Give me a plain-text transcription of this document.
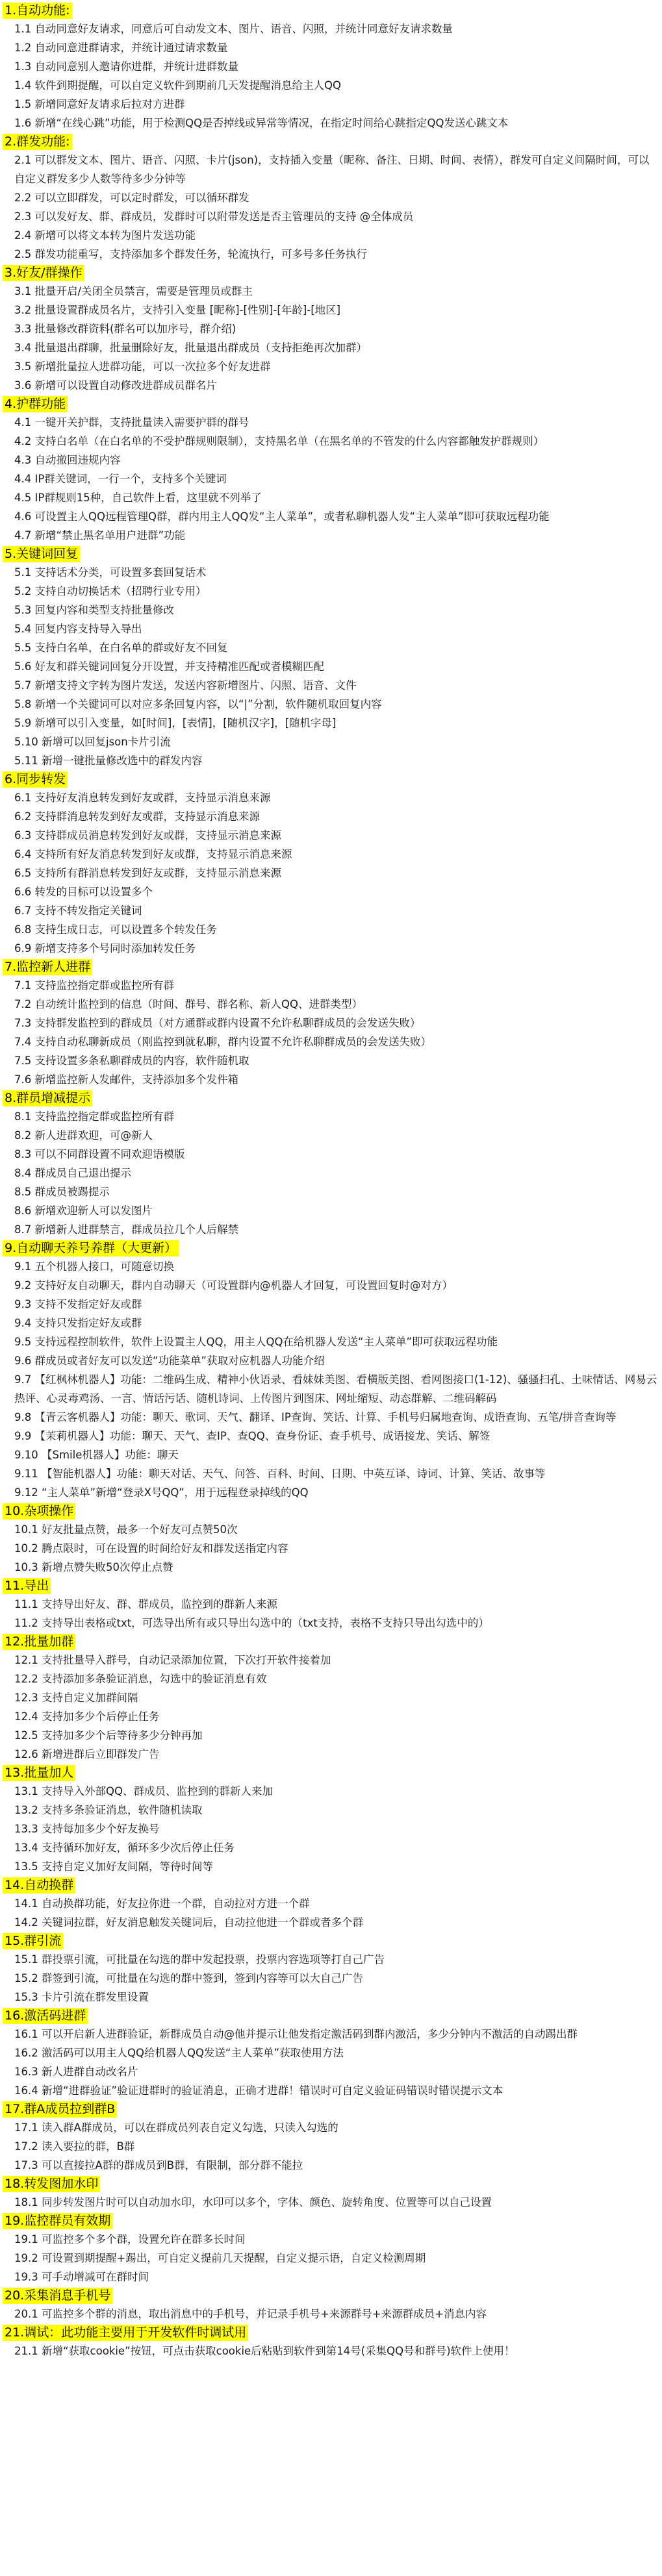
1.自动功能:
1.1 自动同意好友请求，同意后可自动发文本、图片、语音、闪照，并统计同意好友请求数量
1.2 自动同意进群请求，并统计通过请求数量
1.3 自动同意别人邀请你进群，并统计进群数量
1.4 软件到期提醒，可以自定义软件到期前几天发提醒消息给主人QQ
1.5 新增同意好友请求后拉对方进群
1.6 新增“在线心跳”功能，用于检测QQ是否掉线或异常等情况，在指定时间给心跳指定QQ发送心跳文本
2.群发功能:
2.1 可以群发文本、图片、语音、闪照、卡片(json)，支持插入变量（昵称、备注、日期、时间、表情），群发可自定义间隔时间，可以自定义群发多少人数等待多少分钟等
2.2 可以立即群发，可以定时群发，可以循环群发
2.3 可以发好友、群、群成员，发群时可以附带发送是否主管理员的支持 @全体成员
2.4 新增可以将文本转为图片发送功能
2.5 群发功能重写，支持添加多个群发任务，轮流执行，可多号多任务执行
3.好友/群操作
3.1 批量开启/关闭全员禁言，需要是管理员或群主
3.2 批量设置群成员名片，支持引入变量 [昵称]-[性别]-[年龄]-[地区]
3.3 批量修改群资料(群名可以加序号，群介绍)
3.4 批量退出群聊，批量删除好友，批量退出群成员（支持拒绝再次加群）
3.5 新增批量拉人进群功能，可以一次拉多个好友进群
3.6 新增可以设置自动修改进群成员群名片
4.护群功能
4.1 一键开关护群，支持批量读入需要护群的群号
4.2 支持白名单（在白名单的不受护群规则限制），支持黑名单（在黑名单的不管发的什么内容都触发护群规则）
4.3 自动撤回违规内容
4.4 IP群关键词，一行一个，支持多个关键词
4.5 IP群规则15种，自己软件上看，这里就不列举了
4.6 可设置主人QQ远程管理Q群，群内用主人QQ发“主人菜单”，或者私聊机器人发“主人菜单”即可获取远程功能
4.7 新增“禁止黑名单用户进群”功能
5.关键词回复
5.1 支持话术分类，可设置多套回复话术
5.2 支持自动切换话术（招聘行业专用）
5.3 回复内容和类型支持批量修改
5.4 回复内容支持导入导出
5.5 支持白名单，在白名单的群或好友不回复
5.6 好友和群关键词回复分开设置，并支持精准匹配或者模糊匹配
5.7 新增支持文字转为图片发送，发送内容新增图片、闪照、语音、文件
5.8 新增一个关键词可以对应多条回复内容，以“|”分割，软件随机取回复内容
5.9 新增可以引入变量，如[时间]，[表情]，[随机汉字]，[随机字母]
5.10 新增可以回复json卡片引流
5.11 新增一键批量修改选中的群发内容
6.同步转发
6.1 支持好友消息转发到好友或群，支持显示消息来源
6.2 支持群消息转发到好友或群，支持显示消息来源
6.3 支持群成员消息转发到好友或群，支持显示消息来源
6.4 支持所有好友消息转发到好友或群，支持显示消息来源
6.5 支持所有群消息转发到好友或群，支持显示消息来源
6.6 转发的目标可以设置多个
6.7 支持不转发指定关键词
6.8 支持生成日志，可以设置多个转发任务
6.9 新增支持多个号同时添加转发任务
7.监控新人进群
7.1 支持监控指定群或监控所有群
7.2 自动统计监控到的信息（时间、群号、群名称、新人QQ、进群类型）
7.3 支持群发监控到的群成员（对方通群或群内设置不允许私聊群成员的会发送失败）
7.4 支持自动私聊新成员（刚监控到就私聊，群内设置不允许私聊群成员的会发送失败）
7.5 支持设置多条私聊群成员的内容，软件随机取
7.6 新增监控新人发邮件，支持添加多个发件箱
8.群员增减提示
8.1 支持监控指定群或监控所有群
8.2 新人进群欢迎，可@新人
8.3 可以不同群设置不同欢迎语模版
8.4 群成员自己退出提示
8.5 群成员被踢提示
8.6 新增欢迎新人可以发图片
8.7 新增新人进群禁言，群成员拉几个人后解禁
9.自动聊天养号养群（大更新）
9.1 五个机器人接口，可随意切换
9.2 支持好友自动聊天，群内自动聊天（可设置群内@机器人才回复，可设置回复时@对方）
9.3 支持不发指定好友或群
9.4 支持只发指定好友或群
9.5 支持远程控制软件，软件上设置主人QQ，用主人QQ在给机器人发送“主人菜单”即可获取远程功能
9.6 群成员或者好友可以发送“功能菜单”获取对应机器人功能介绍
9.7 【红枫林机器人】功能：二维码生成、精神小伙语录、看妹妹美图、看横版美图、看网图接口(1-12)、骚骚扫孔、土味情话、网易云热评、心灵毒鸡汤、一言、情话污话、随机诗词、上传图片到图床、网址缩短、动态群解、二维码解码
9.8 【青云客机器人】功能：聊天、歌词、天气、翻译、IP查询、笑话、计算、手机号归属地查询、成语查询、五笔/拼音查询等
9.9 【茉莉机器人】功能：聊天、天气、查IP、查QQ、查身份证、查手机号、成语接龙、笑话、解签
9.10 【Smile机器人】功能：聊天
9.11 【智能机器人】功能：聊天对话、天气、问答、百科、时间、日期、中英互译、诗词、计算、笑话、故事等
9.12 “主人菜单”新增“登录X号QQ”，用于远程登录掉线的QQ
10.杂项操作
10.1 好友批量点赞，最多一个好友可点赞50次
10.2 腾点限时，可在设置的时间给好友和群发送指定内容
10.3 新增点赞失败50次停止点赞
11.导出
11.1 支持导出好友、群、群成员，监控到的群新人来源
11.2 支持导出表格或txt，可选导出所有或只导出勾选中的（txt支持，表格不支持只导出勾选中的）
12.批量加群
12.1 支持批量导入群号，自动记录添加位置，下次打开软件接着加
12.2 支持添加多条验证消息，勾选中的验证消息有效
12.3 支持自定义加群间隔
12.4 支持加多少个后停止任务
12.5 支持加多少个后等待多少分钟再加
12.6 新增进群后立即群发广告
13.批量加人
13.1 支持导入外部QQ、群成员、监控到的群新人来加
13.2 支持多条验证消息，软件随机读取
13.3 支持每加多少个好友换号
13.4 支持循环加好友，循环多少次后停止任务
13.5 支持自定义加好友间隔，等待时间等
14.自动换群
14.1 自动换群功能，好友拉你进一个群，自动拉对方进一个群
14.2 关键词拉群，好友消息触发关键词后，自动拉他进一个群或者多个群
15.群引流
15.1 群投票引流，可批量在勾选的群中发起投票，投票内容选项等打自己广告
15.2 群签到引流，可批量在勾选的群中签到，签到内容等可以大自己广告
15.3 卡片引流在群发里设置
16.激活码进群
16.1 可以开启新人进群验证，新群成员自动@他并提示让他发指定激活码到群内激活，多少分钟内不激活的自动踢出群
16.2 激活码可以用主人QQ给机器人QQ发送“主人菜单”获取使用方法
16.3 新人进群自动改名片
16.4 新增“进群验证”验证进群时的验证消息，正确才进群！错误时可自定义验证码错误时错误提示文本
17.群A成员拉到群B
17.1 读入群A群成员，可以在群成员列表自定义勾选，只读入勾选的
17.2 读入要拉的群，B群
17.3 可以直接拉A群的群成员到B群，有限制，部分群不能拉
18.转发图加水印
18.1 同步转发图片时可以自动加水印，水印可以多个，字体、颜色、旋转角度、位置等可以自己设置
19.监控群员有效期
19.1 可监控多个多个群，设置允许在群多长时间
19.2 可设置到期提醒+踢出，可自定义提前几天提醒，自定义提示语，自定义检测周期
19.3 可手动增减可在群时间
20.采集消息手机号
20.1 可监控多个群的消息，取出消息中的手机号，并记录手机号+来源群号+来源群成员+消息内容
21.调试：此功能主要用于开发软件时调试用
21.1 新增“获取cookie”按钮，可点击获取cookie后粘贴到软件到第14号(采集QQ号和群号)软件上使用！
